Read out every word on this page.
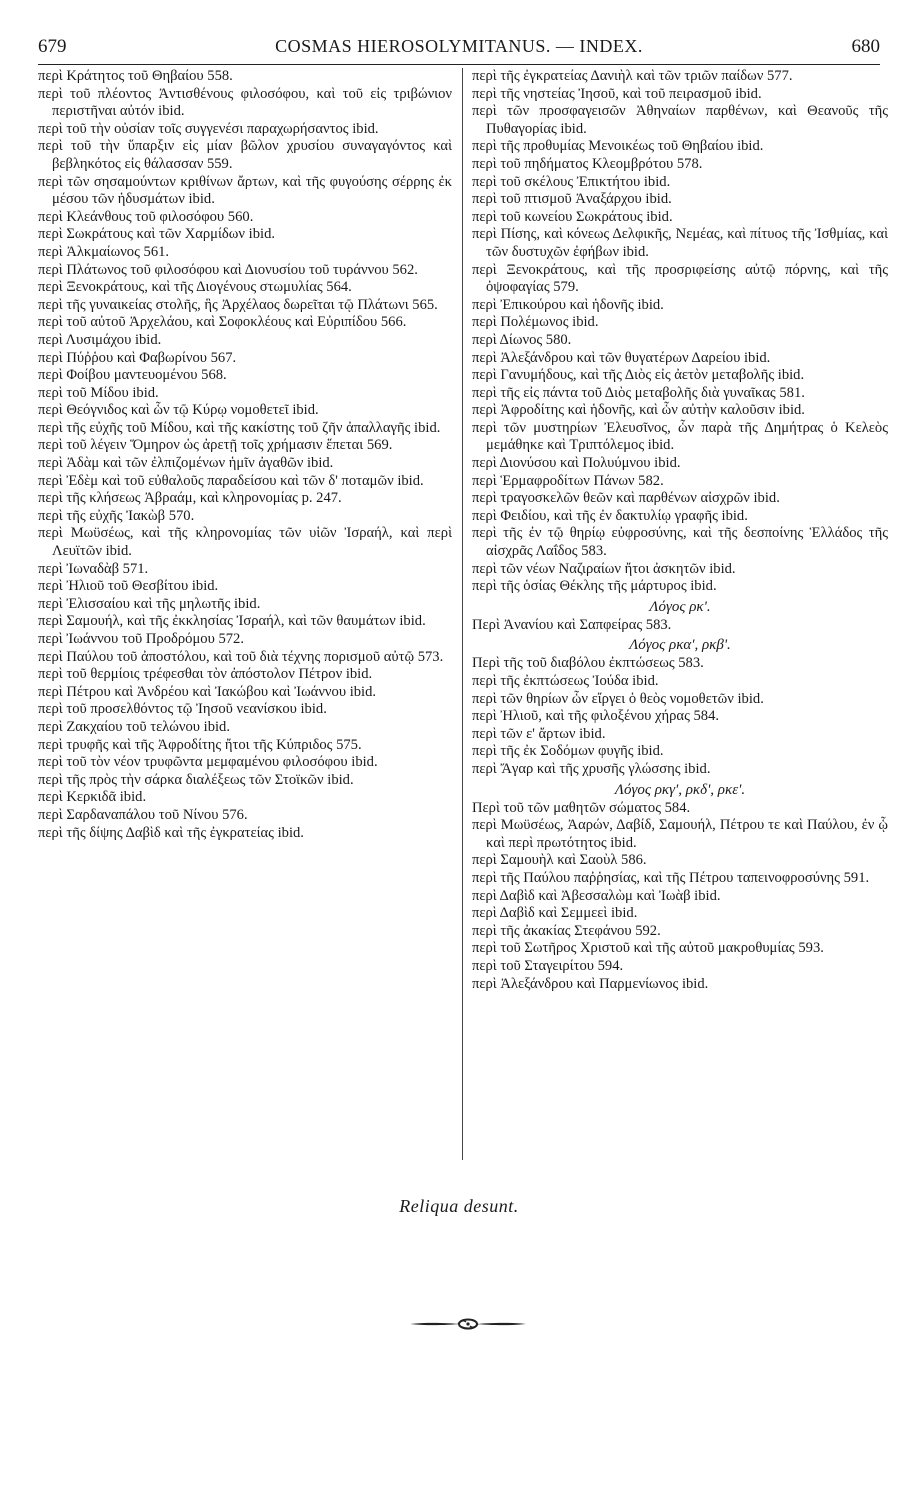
679	COSMAS HIEROSOLYMITANUS. — INDEX.	680

περὶ Κράτητος τοῦ Θηβαίου 558.

περὶ τοῦ πλέοντος Ἀντισθένους φιλοσόφου, καὶ τοῦ εἰς τριβώνιον περιστῆναι αὐτόν ibid.

περὶ τοῦ τὴν οὐσίαν τοῖς συγγενέσι παραχωρήσαντος ibid.

περὶ τοῦ τὴν ὕπαρξιν εἰς μίαν βῶλον χρυσίου συναγαγόντος καὶ βεβληκότος εἰς θάλασσαν 559.

περὶ τῶν σησαμούντων κριθίνων ἄρτων, καὶ τῆς φυγούσης σέρρης ἐκ μέσου τῶν ἡδυσμάτων ibid.

περὶ Κλεάνθους τοῦ φιλοσόφου 560.

περὶ Σωκράτους καὶ τῶν Χαρμίδων ibid.

περὶ Ἀλκμαίωνος 561.

περὶ Πλάτωνος τοῦ φιλοσόφου καὶ Διονυσίου τοῦ τυράννου 562.

περὶ Ξενοκράτους, καὶ τῆς Διογένους στωμυλίας 564.

περὶ τῆς γυναικείας στολῆς, ἣς Ἀρχέλαος δωρεῖται τῷ Πλάτωνι 565.

περὶ τοῦ αὐτοῦ Ἀρχελάου, καὶ Σοφοκλέους καὶ Εὐριπίδου 566.

περὶ Λυσιμάχου ibid.

περὶ Πύῤῥου καὶ Φαβωρίνου 567.

περὶ Φοίβου μαντευομένου 568.

περὶ τοῦ Μίδου ibid.

περὶ Θεόγνιδος καὶ ὧν τῷ Κύρῳ νομοθετεῖ ibid.

περὶ τῆς εὐχῆς τοῦ Μίδου, καὶ τῆς κακίστης τοῦ ζῆν ἀπαλλαγῆς ibid.

περὶ τοῦ λέγειν Ὅμηρον ὡς ἀρετῇ τοῖς χρήμασιν ἕπεται 569.

περὶ Ἀδὰμ καὶ τῶν ἐλπιζομένων ἡμῖν ἀγαθῶν ibid.

περὶ Ἐδὲμ καὶ τοῦ εὐθαλοῦς παραδείσου καὶ τῶν δ' ποταμῶν ibid.

περὶ τῆς κλήσεως Ἀβραάμ, καὶ κληρονομίας p. 247.

περὶ τῆς εὐχῆς Ἰακὼβ 570.

περὶ Μωϋσέως, καὶ τῆς κληρονομίας τῶν υἱῶν Ἰσραήλ, καὶ περὶ Λευϊτῶν ibid.

περὶ Ἰωναδὰβ 571.

περὶ Ἠλιοῦ τοῦ Θεσβίτου ibid.

περὶ Ἐλισσαίου καὶ τῆς μηλωτῆς ibid.

περὶ Σαμουήλ, καὶ τῆς ἐκκλησίας Ἰσραήλ, καὶ τῶν θαυμάτων ibid.

περὶ Ἰωάννου τοῦ Προδρόμου 572.

περὶ Παύλου τοῦ ἀποστόλου, καὶ τοῦ διὰ τέχνης πορισμοῦ αὐτῷ 573.

περὶ τοῦ θερμίοις τρέφεσθαι τὸν ἀπόστολον Πέτρον ibid.

περὶ Πέτρου καὶ Ἀνδρέου καὶ Ἰακώβου καὶ Ἰωάννου ibid.

περὶ τοῦ προσελθόντος τῷ Ἰησοῦ νεανίσκου ibid.

περὶ Ζακχαίου τοῦ τελώνου ibid.

περὶ τρυφῆς καὶ τῆς Ἀφροδίτης ἤτοι τῆς Κύπριδος 575.

περὶ τοῦ τὸν νέον τρυφῶντα μεμφαμένου φιλοσόφου ibid.

περὶ τῆς πρὸς τὴν σάρκα διαλέξεως τῶν Στοϊκῶν ibid.

περὶ Κερκιδᾶ ibid.

περὶ Σαρδαναπάλου τοῦ Νίνου 576.

περὶ τῆς δίψης Δαβὶδ καὶ τῆς ἐγκρατείας ibid.

περὶ τῆς ἐγκρατείας Δανιὴλ καὶ τῶν τριῶν παίδων 577.

περὶ τῆς νηστείας Ἰησοῦ, καὶ τοῦ πειρασμοῦ ibid.

περὶ τῶν προσφαγεισῶν Ἀθηναίων παρθένων, καὶ Θεανοῦς τῆς Πυθαγορίας ibid.

περὶ τῆς προθυμίας Μενοικέως τοῦ Θηβαίου ibid.

περὶ τοῦ πηδήματος Κλεομβρότου 578.

περὶ τοῦ σκέλους Ἐπικτήτου ibid.

περὶ τοῦ πτισμοῦ Ἀναξάρχου ibid.

περὶ τοῦ κωνείου Σωκράτους ibid.

περὶ Πίσης, καὶ κόνεως Δελφικῆς, Νεμέας, καὶ πίτυος τῆς Ἰσθμίας, καὶ τῶν δυστυχῶν ἐφήβων ibid.

περὶ Ξενοκράτους, καὶ τῆς προσριφείσης αὐτῷ πόρνης, καὶ τῆς ὀψοφαγίας 579.

περὶ Ἐπικούρου καὶ ἡδονῆς ibid.

περὶ Πολέμωνος ibid.

περὶ Δίωνος 580.

περὶ Ἀλεξάνδρου καὶ τῶν θυγατέρων Δαρείου ibid.

περὶ Γανυμήδους, καὶ τῆς Διὸς εἰς ἀετὸν μεταβολῆς ibid.

περὶ τῆς εἰς πάντα τοῦ Διὸς μεταβολῆς διὰ γυναῖκας 581.

περὶ Ἀφροδίτης καὶ ἡδονῆς, καὶ ὧν αὐτὴν καλοῦσιν ibid.

περὶ τῶν μυστηρίων Ἐλευσῖνος, ὧν παρὰ τῆς Δημήτρας ὁ Κελεὸς μεμάθηκε καὶ Τριπτόλεμος ibid.

περὶ Διονύσου καὶ Πολυύμνου ibid.

περὶ Ἑρμαφροδίτων Πάνων 582.

περὶ τραγοσκελῶν θεῶν καὶ παρθένων αἰσχρῶν ibid.

περὶ Φειδίου, καὶ τῆς ἐν δακτυλίῳ γραφῆς ibid.

περὶ τῆς ἐν τῷ θηρίῳ εὐφροσύνης, καὶ τῆς δεσποίνης Ἑλλάδος τῆς αἰσχρᾶς Λαΐδος 583.

περὶ τῶν νέων Ναζιραίων ἤτοι ἀσκητῶν ibid.

περὶ τῆς ὁσίας Θέκλης τῆς μάρτυρος ibid.

Λόγος ρκ'.

Περὶ Ἀνανίου καὶ Σαπφείρας 583.

Λόγος ρκα', ρκβ'.

Περὶ τῆς τοῦ διαβόλου ἐκπτώσεως 583.

περὶ τῆς ἐκπτώσεως Ἰούδα ibid.

περὶ τῶν θηρίων ὧν εἴργει ὁ θεὸς νομοθετῶν ibid.

περὶ Ἠλιοῦ, καὶ τῆς φιλοξένου χήρας 584.

περὶ τῶν ε' ἄρτων ibid.

περὶ τῆς ἐκ Σοδόμων φυγῆς ibid.

περὶ Ἄγαρ καὶ τῆς χρυσῆς γλώσσης ibid.

Λόγος ρκγ', ρκδ', ρκε'.

Περὶ τοῦ τῶν μαθητῶν σώματος 584.

περὶ Μωϋσέως, Ἀαρών, Δαβίδ, Σαμουήλ, Πέτρου τε καὶ Παύλου, ἐν ᾧ καὶ περὶ πρωτότητος ibid.

περὶ Σαμουὴλ καὶ Σαοὺλ 586.

περὶ τῆς Παύλου παῤῥησίας, καὶ τῆς Πέτρου ταπεινοφροσύνης 591.

περὶ Δαβὶδ καὶ Ἀβεσσαλὼμ καὶ Ἰωὰβ ibid.

περὶ Δαβὶδ καὶ Σεμμεεὶ ibid.

περὶ τῆς ἀκακίας Στεφάνου 592.

περὶ τοῦ Σωτῆρος Χριστοῦ καὶ τῆς αὐτοῦ μακροθυμίας 593.

περὶ τοῦ Σταγειρίτου 594.

περὶ Ἀλεξάνδρου καὶ Παρμενίωνος ibid.

Reliqua desunt.
